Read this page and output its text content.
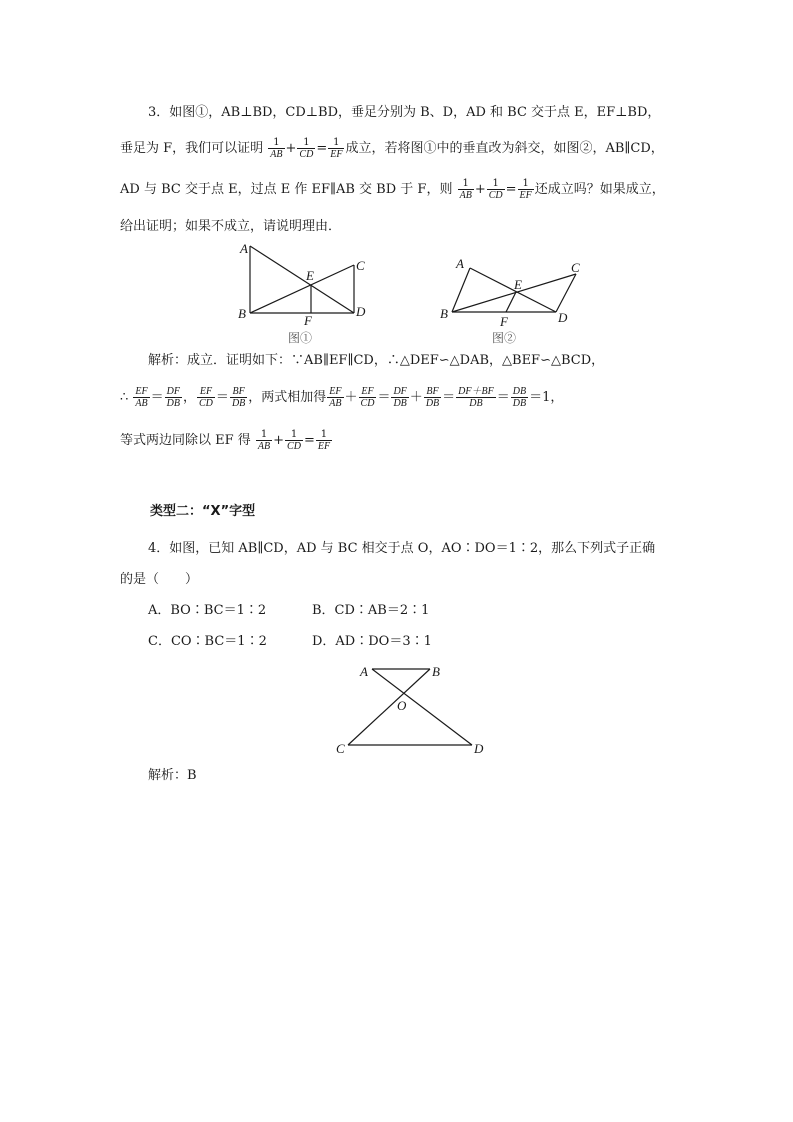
3．如图①，AB⊥BD，CD⊥BD，垂足分别为 B、D，AD 和 BC 交于点 E，EF⊥BD，
垂足为 F，我们可以证明 $\frac{1}{AB} + \frac{1}{CD} = \frac{1}{EF}$ 成立，若将图①中的垂直改为斜交，如图②，AB∥CD，
AD 与 BC 交于点 E，过点 E 作 EF∥AB 交 BD 于 F，则 $\frac{1}{AB} + \frac{1}{CD} = \frac{1}{EF}$ 还成立吗？如果成立，
给出证明；如果不成立，请说明理由．
A
B
C
D
E
F
图①
A
B
C
D
E
F
图②
解析：成立．证明如下：∵AB∥EF∥CD，∴△DEF∽△DAB，△BEF∽△BCD，
∴ $\frac{EF}{AB} = \frac{DF}{DB}$ ， $\frac{EF}{CD} = \frac{BF}{DB}$ ，两式相加得 $\frac{EF}{AB} + \frac{EF}{CD} = \frac{DF}{DB} + \frac{BF}{DB} = \frac{DF+BF}{DB} = \frac{DB}{DB} =1$，
等式两边同除以 EF 得 $\frac{1}{AB} + \frac{1}{CD} = \frac{1}{EF}$
类型二：“X”字型
4．如图，已知 AB∥CD，AD 与 BC 相交于点 O，AO∶DO＝1∶2，那么下列式子正确
的是（　　）
A．BO∶BC＝1∶2	B．CD∶AB＝2∶1
C．CO∶BC＝1∶2	D．AD∶DO＝3∶1
A	B
O
C	D
解析：B
